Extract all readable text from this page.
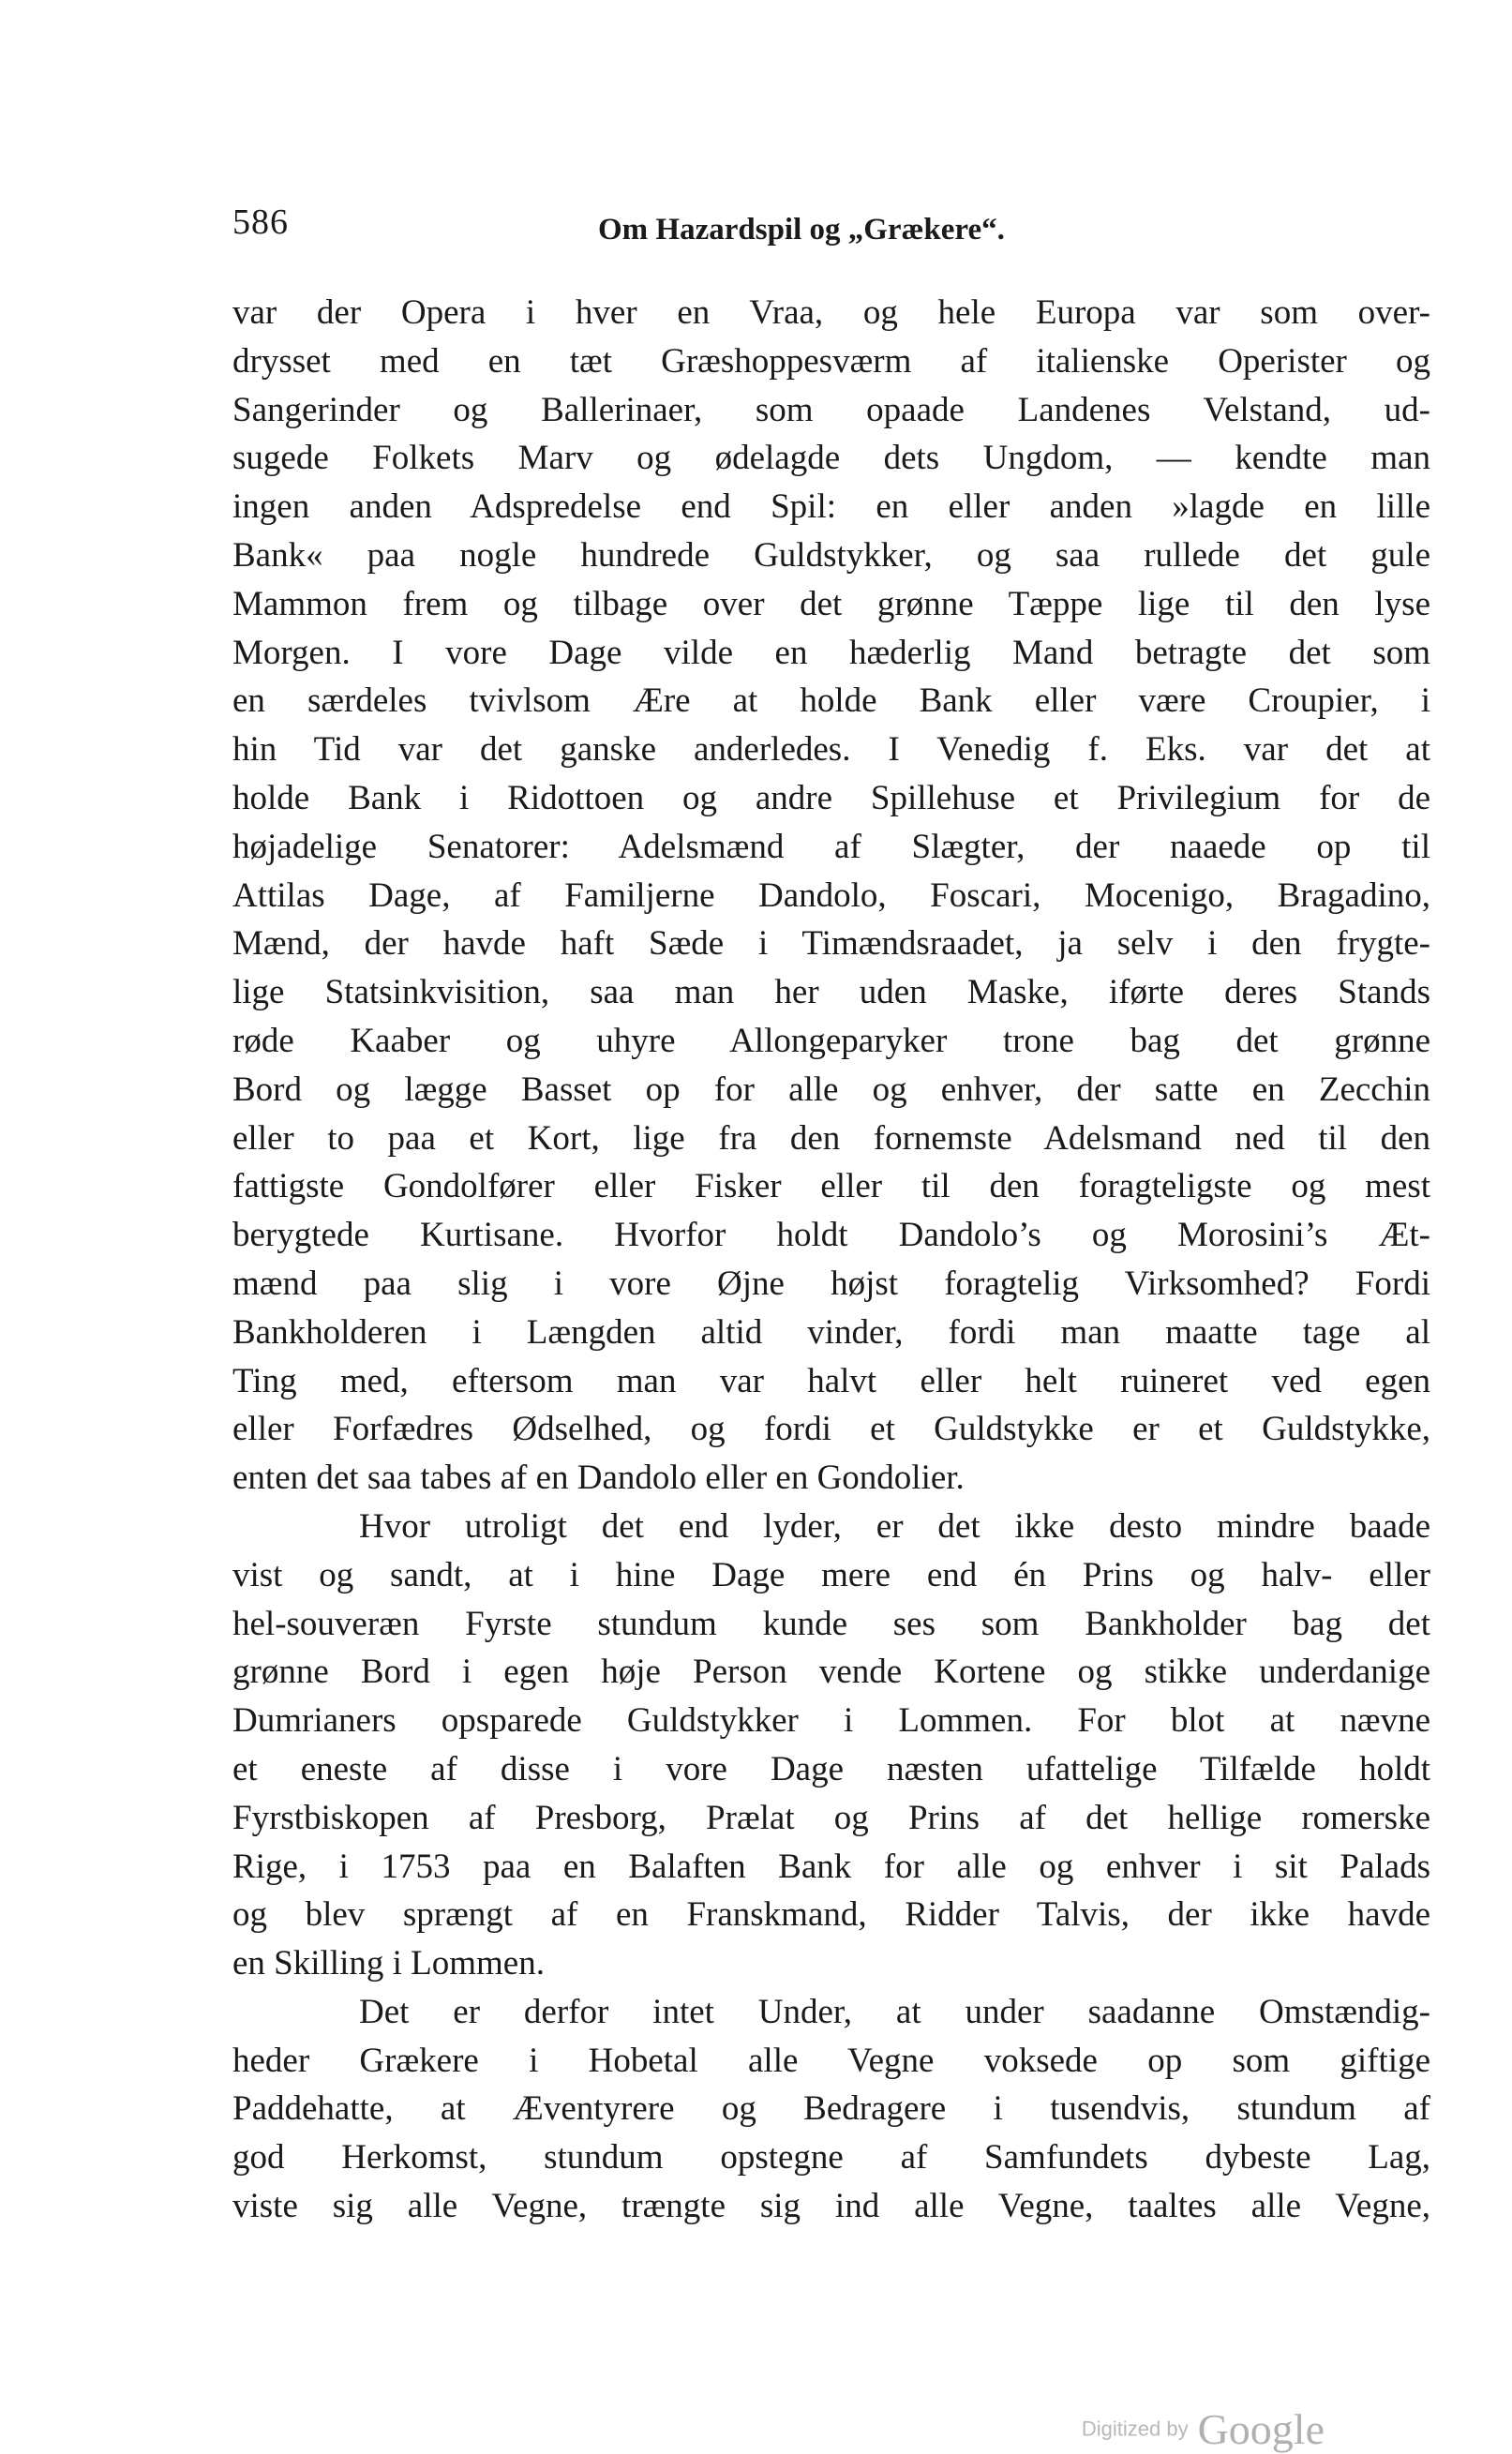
586	Om Hazardspil og „Grækere“.
var der Opera i hver en Vraa, og hele Europa var som over-
drysset med en tæt Græshoppesværm af italienske Operister og
Sangerinder og Ballerinaer, som opaade Landenes Velstand, ud-
sugede Folkets Marv og ødelagde dets Ungdom, — kendte man
ingen anden Adspredelse end Spil: en eller anden »lagde en lille
Bank« paa nogle hundrede Guldstykker, og saa rullede det gule
Mammon frem og tilbage over det grønne Tæppe lige til den lyse
Morgen. I vore Dage vilde en hæderlig Mand betragte det som
en særdeles tvivlsom Ære at holde Bank eller være Croupier, i
hin Tid var det ganske anderledes. I Venedig f. Eks. var det at
holde Bank i Ridottoen og andre Spillehuse et Privilegium for de
højadelige Senatorer: Adelsmænd af Slægter, der naaede op til
Attilas Dage, af Familjerne Dandolo, Foscari, Mocenigo, Bragadino,
Mænd, der havde haft Sæde i Timændsraadet, ja selv i den frygte-
lige Statsinkvisition, saa man her uden Maske, iførte deres Stands
røde Kaaber og uhyre Allongeparyker trone bag det grønne
Bord og lægge Basset op for alle og enhver, der satte en Zecchin
eller to paa et Kort, lige fra den fornemste Adelsmand ned til den
fattigste Gondolfører eller Fisker eller til den foragteligste og mest
berygtede Kurtisane. Hvorfor holdt Dandolo’s og Morosini’s Æt-
mænd paa slig i vore Øjne højst foragtelig Virksomhed? Fordi
Bankholderen i Længden altid vinder, fordi man maatte tage al
Ting med, eftersom man var halvt eller helt ruineret ved egen
eller Forfædres Ødselhed, og fordi et Guldstykke er et Guldstykke,
enten det saa tabes af en Dandolo eller en Gondolier.
Hvor utroligt det end lyder, er det ikke desto mindre baade
vist og sandt, at i hine Dage mere end én Prins og halv- eller
hel-souveræn Fyrste stundum kunde ses som Bankholder bag det
grønne Bord i egen høje Person vende Kortene og stikke underdanige
Dumrianers opsparede Guldstykker i Lommen. For blot at nævne
et eneste af disse i vore Dage næsten ufattelige Tilfælde holdt
Fyrstbiskopen af Presborg, Prælat og Prins af det hellige romerske
Rige, i 1753 paa en Balaften Bank for alle og enhver i sit Palads
og blev sprængt af en Franskmand, Ridder Talvis, der ikke havde
en Skilling i Lommen.
Det er derfor intet Under, at under saadanne Omstændig-
heder Grækere i Hobetal alle Vegne voksede op som giftige
Paddehatte, at Æventyrere og Bedragere i tusendvis, stundum af
god Herkomst, stundum opstegne af Samfundets dybeste Lag,
viste sig alle Vegne, trængte sig ind alle Vegne, taaltes alle Vegne,
Digitized by Google
